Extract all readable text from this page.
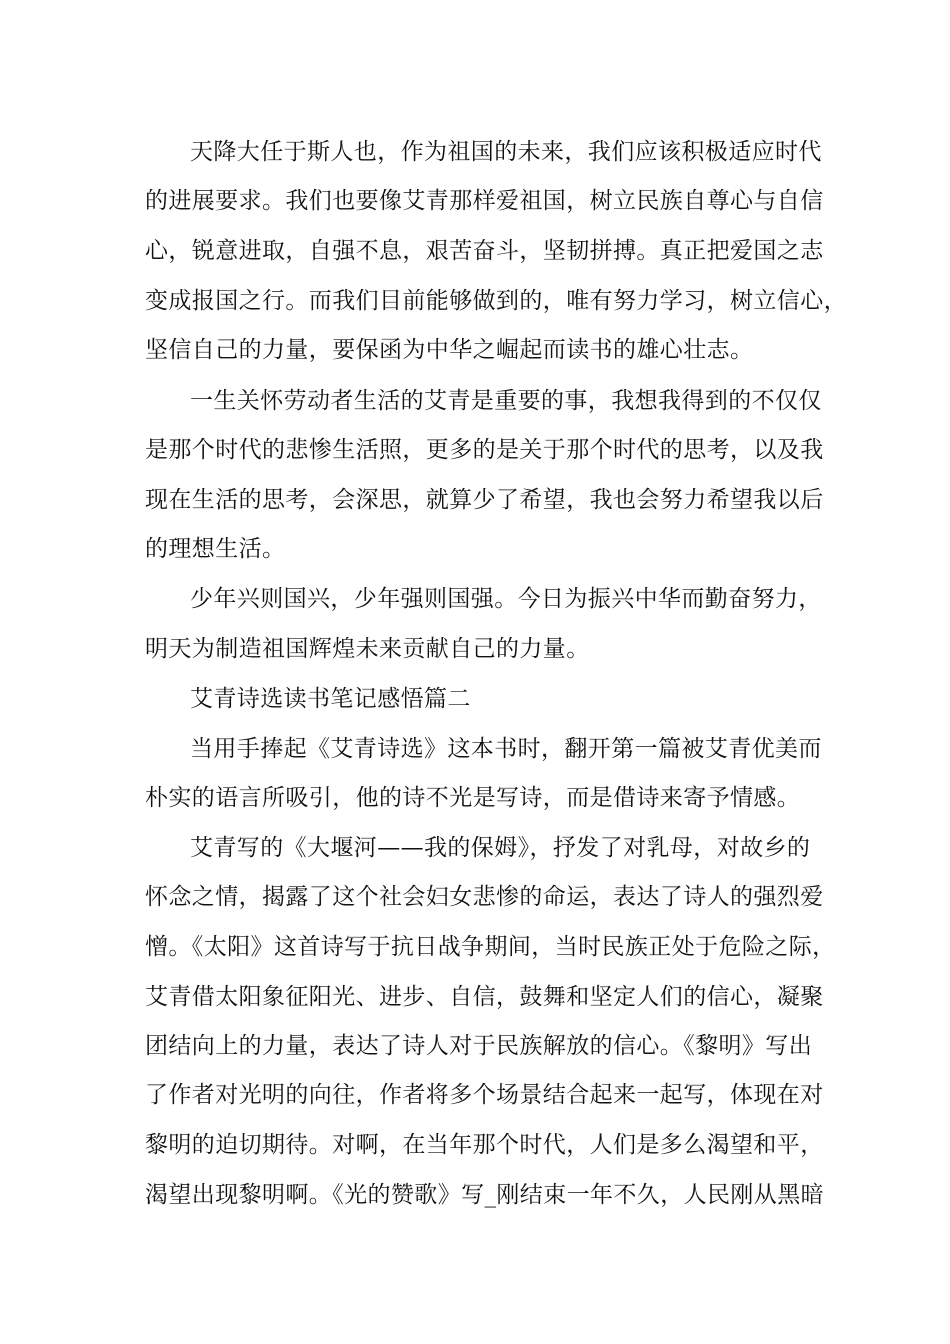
天降大任于斯人也，作为祖国的未来，我们应该积极适应时代
的进展要求。我们也要像艾青那样爱祖国，树立民族自尊心与自信
心，锐意进取，自强不息，艰苦奋斗，坚韧拼搏。真正把爱国之志
变成报国之行。而我们目前能够做到的，唯有努力学习，树立信心，
坚信自己的力量，要保函为中华之崛起而读书的雄心壮志。
一生关怀劳动者生活的艾青是重要的事，我想我得到的不仅仅
是那个时代的悲惨生活照，更多的是关于那个时代的思考，以及我
现在生活的思考，会深思，就算少了希望，我也会努力希望我以后
的理想生活。
少年兴则国兴，少年强则国强。今日为振兴中华而勤奋努力，
明天为制造祖国辉煌未来贡献自己的力量。
艾青诗选读书笔记感悟篇二
当用手捧起《艾青诗选》这本书时，翻开第一篇被艾青优美而
朴实的语言所吸引，他的诗不光是写诗，而是借诗来寄予情感。
艾青写的《大堰河——我的保姆》，抒发了对乳母，对故乡的
怀念之情，揭露了这个社会妇女悲惨的命运，表达了诗人的强烈爱
憎。《太阳》这首诗写于抗日战争期间，当时民族正处于危险之际，
艾青借太阳象征阳光、进步、自信，鼓舞和坚定人们的信心，凝聚
团结向上的力量，表达了诗人对于民族解放的信心。《黎明》写出
了作者对光明的向往，作者将多个场景结合起来一起写，体现在对
黎明的迫切期待。对啊，在当年那个时代，人们是多么渴望和平，
渴望出现黎明啊。《光的赞歌》写_刚结束一年不久，人民刚从黑暗
